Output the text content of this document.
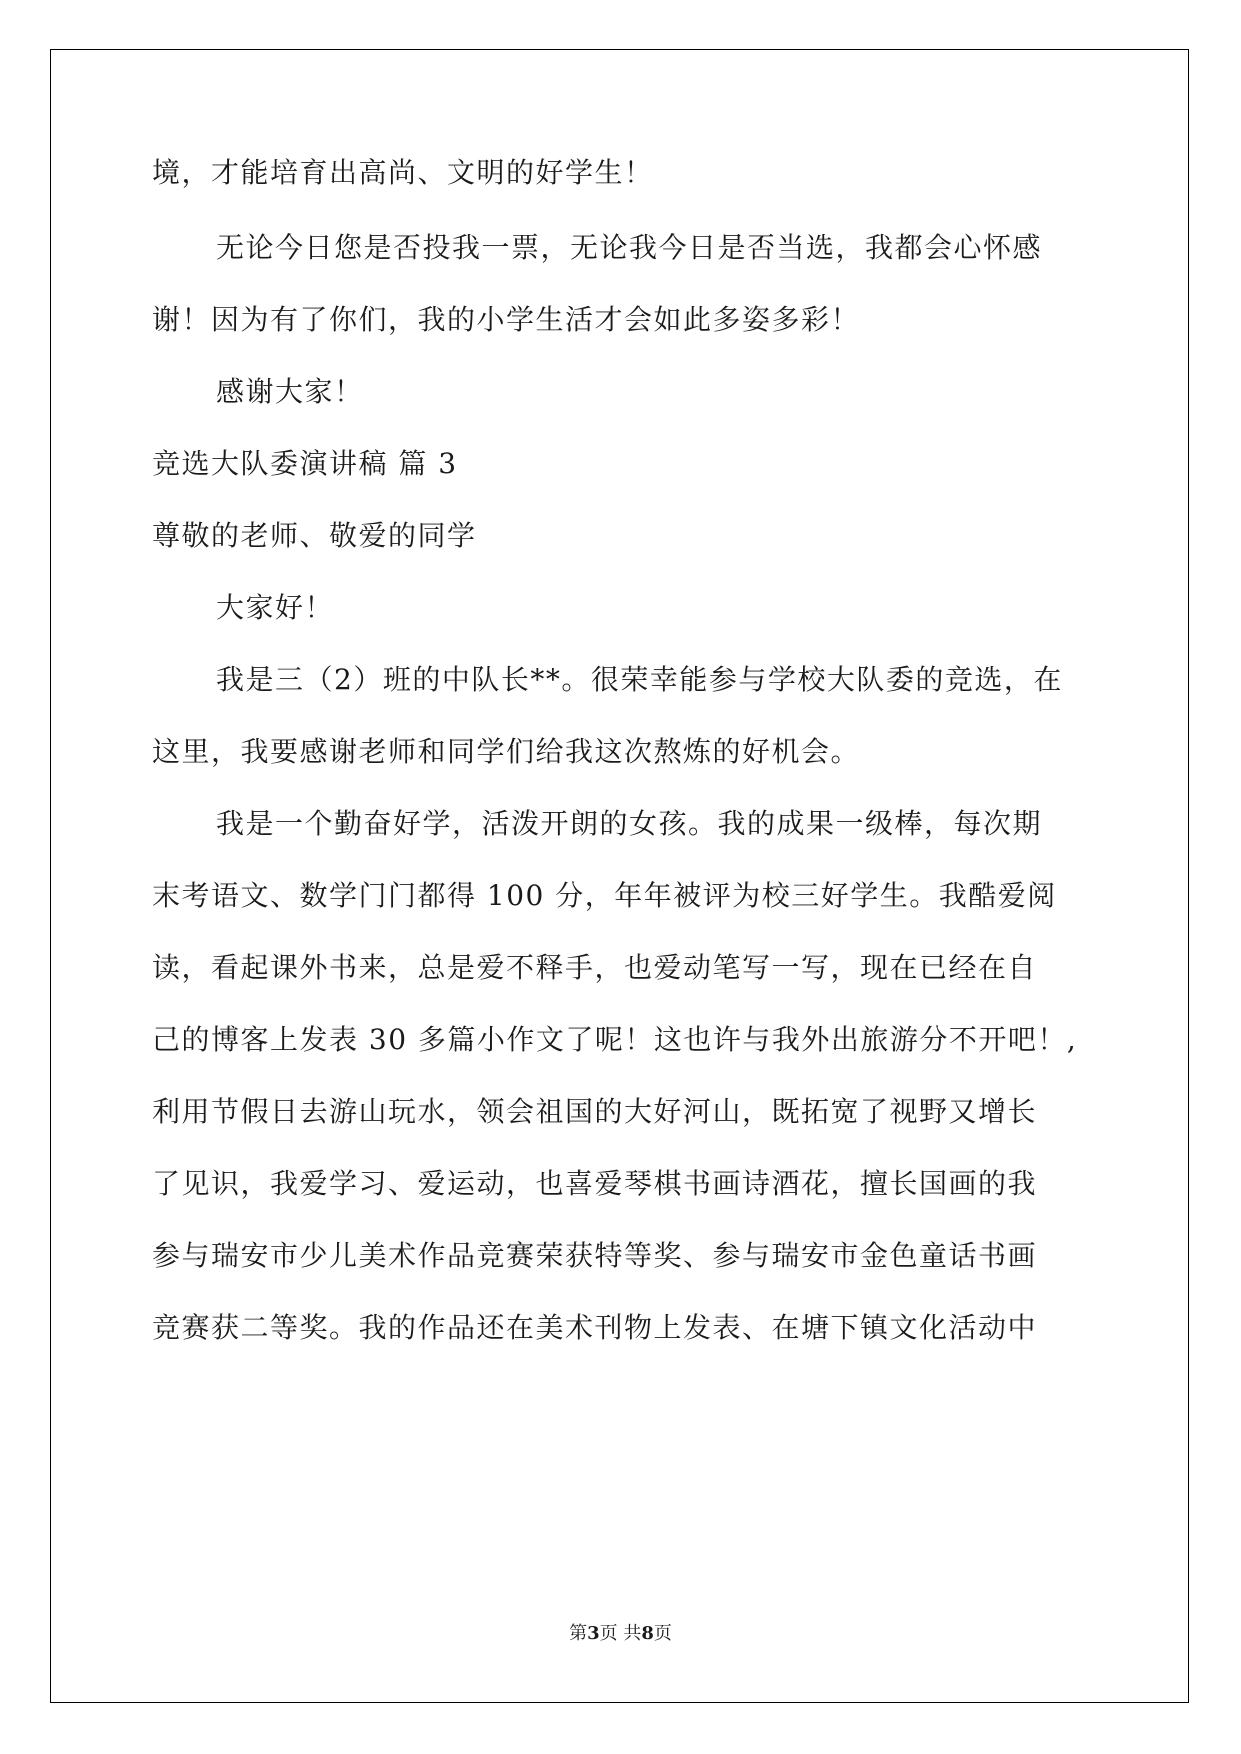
境，才能培育出高尚、文明的好学生！
无论今日您是否投我一票，无论我今日是否当选，我都会心怀感
谢！因为有了你们，我的小学生活才会如此多姿多彩！
感谢大家！
竞选大队委演讲稿 篇 3
尊敬的老师、敬爱的同学
大家好！
我是三（2）班的中队长**。很荣幸能参与学校大队委的竞选，在
这里，我要感谢老师和同学们给我这次熬炼的好机会。
我是一个勤奋好学，活泼开朗的女孩。我的成果一级棒，每次期
末考语文、数学门门都得 100 分，年年被评为校三好学生。我酷爱阅
读，看起课外书来，总是爱不释手，也爱动笔写一写，现在已经在自
己的博客上发表 30 多篇小作文了呢！这也许与我外出旅游分不开吧！,
利用节假日去游山玩水，领会祖国的大好河山，既拓宽了视野又增长
了见识，我爱学习、爱运动，也喜爱琴棋书画诗酒花，擅长国画的我
参与瑞安市少儿美术作品竞赛荣获特等奖、参与瑞安市金色童话书画
竞赛获二等奖。我的作品还在美术刊物上发表、在塘下镇文化活动中
第3页 共8页
